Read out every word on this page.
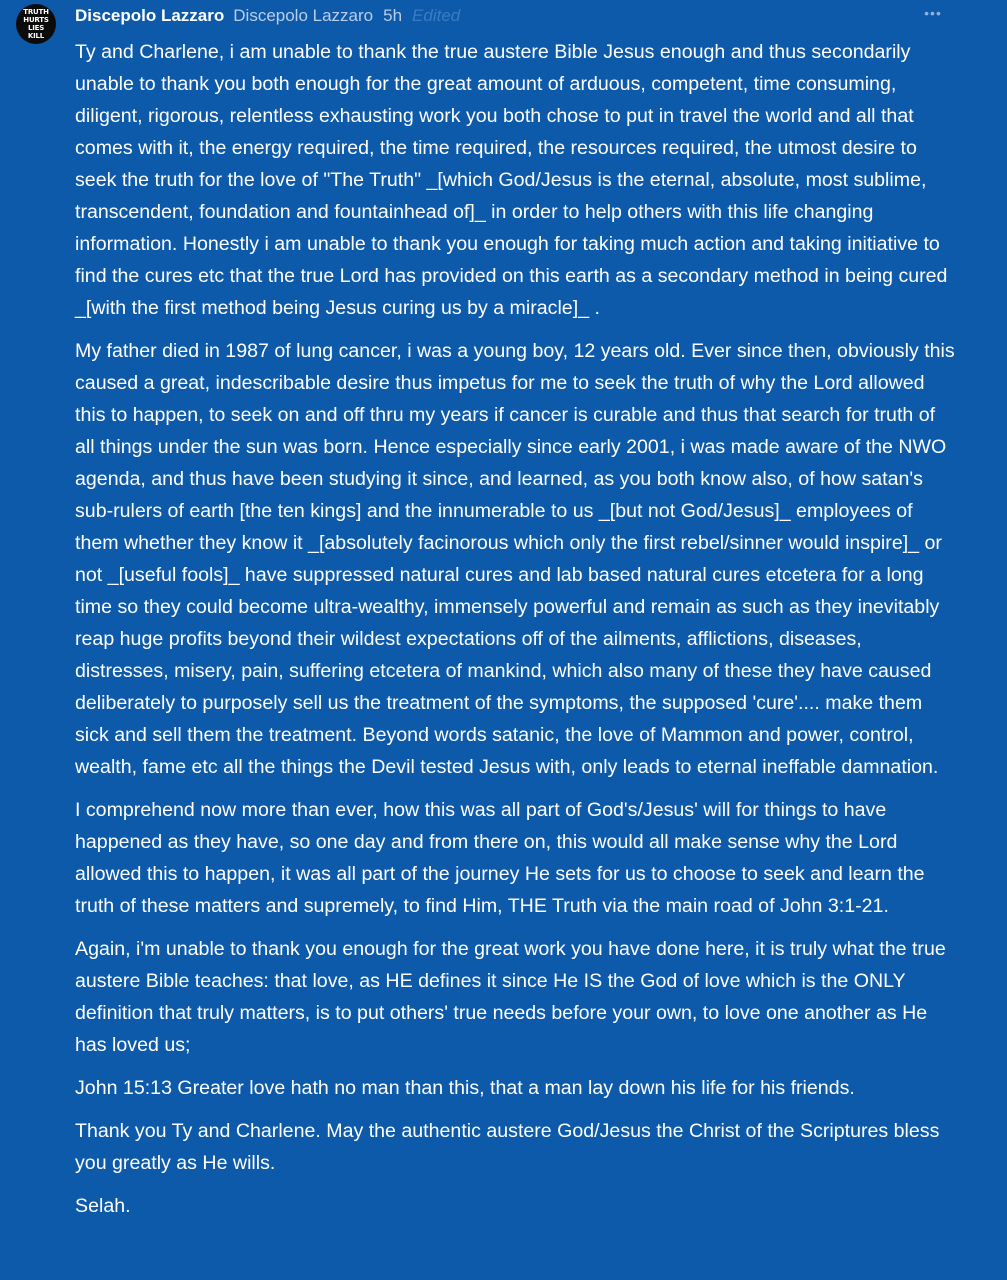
TRUTH
HURTS
LIES
KILL
Discepolo Lazzaro Discepolo Lazzaro 5h Edited	•••

Ty and Charlene, i am unable to thank the true austere Bible Jesus enough and thus secondarily unable to thank you both enough for the great amount of arduous, competent, time consuming, diligent, rigorous, relentless exhausting work you both chose to put in travel the world and all that comes with it, the energy required, the time required, the resources required, the utmost desire to seek the truth for the love of "The Truth" _[which God/Jesus is the eternal, absolute, most sublime, transcendent, foundation and fountainhead of]_ in order to help others with this life changing information. Honestly i am unable to thank you enough for taking much action and taking initiative to find the cures etc that the true Lord has provided on this earth as a secondary method in being cured _[with the first method being Jesus curing us by a miracle]_ .

My father died in 1987 of lung cancer, i was a young boy, 12 years old. Ever since then, obviously this caused a great, indescribable desire thus impetus for me to seek the truth of why the Lord allowed this to happen, to seek on and off thru my years if cancer is curable and thus that search for truth of all things under the sun was born. Hence especially since early 2001, i was made aware of the NWO agenda, and thus have been studying it since, and learned, as you both know also, of how satan's sub-rulers of earth [the ten kings] and the innumerable to us _[but not God/Jesus]_ employees of them whether they know it _[absolutely facinorous which only the first rebel/sinner would inspire]_ or not _[useful fools]_ have suppressed natural cures and lab based natural cures etcetera for a long time so they could become ultra-wealthy, immensely powerful and remain as such as they inevitably reap huge profits beyond their wildest expectations off of the ailments, afflictions, diseases, distresses, misery, pain, suffering etcetera of mankind, which also many of these they have caused deliberately to purposely sell us the treatment of the symptoms, the supposed 'cure'.... make them sick and sell them the treatment. Beyond words satanic, the love of Mammon and power, control, wealth, fame etc all the things the Devil tested Jesus with, only leads to eternal ineffable damnation.

I comprehend now more than ever, how this was all part of God's/Jesus' will for things to have happened as they have, so one day and from there on, this would all make sense why the Lord allowed this to happen, it was all part of the journey He sets for us to choose to seek and learn the truth of these matters and supremely, to find Him, THE Truth via the main road of John 3:1-21.

Again, i'm unable to thank you enough for the great work you have done here, it is truly what the true austere Bible teaches: that love, as HE defines it since He IS the God of love which is the ONLY definition that truly matters, is to put others' true needs before your own, to love one another as He has loved us;

John 15:13 Greater love hath no man than this, that a man lay down his life for his friends.

Thank you Ty and Charlene. May the authentic austere God/Jesus the Christ of the Scriptures bless you greatly as He wills.

Selah.
